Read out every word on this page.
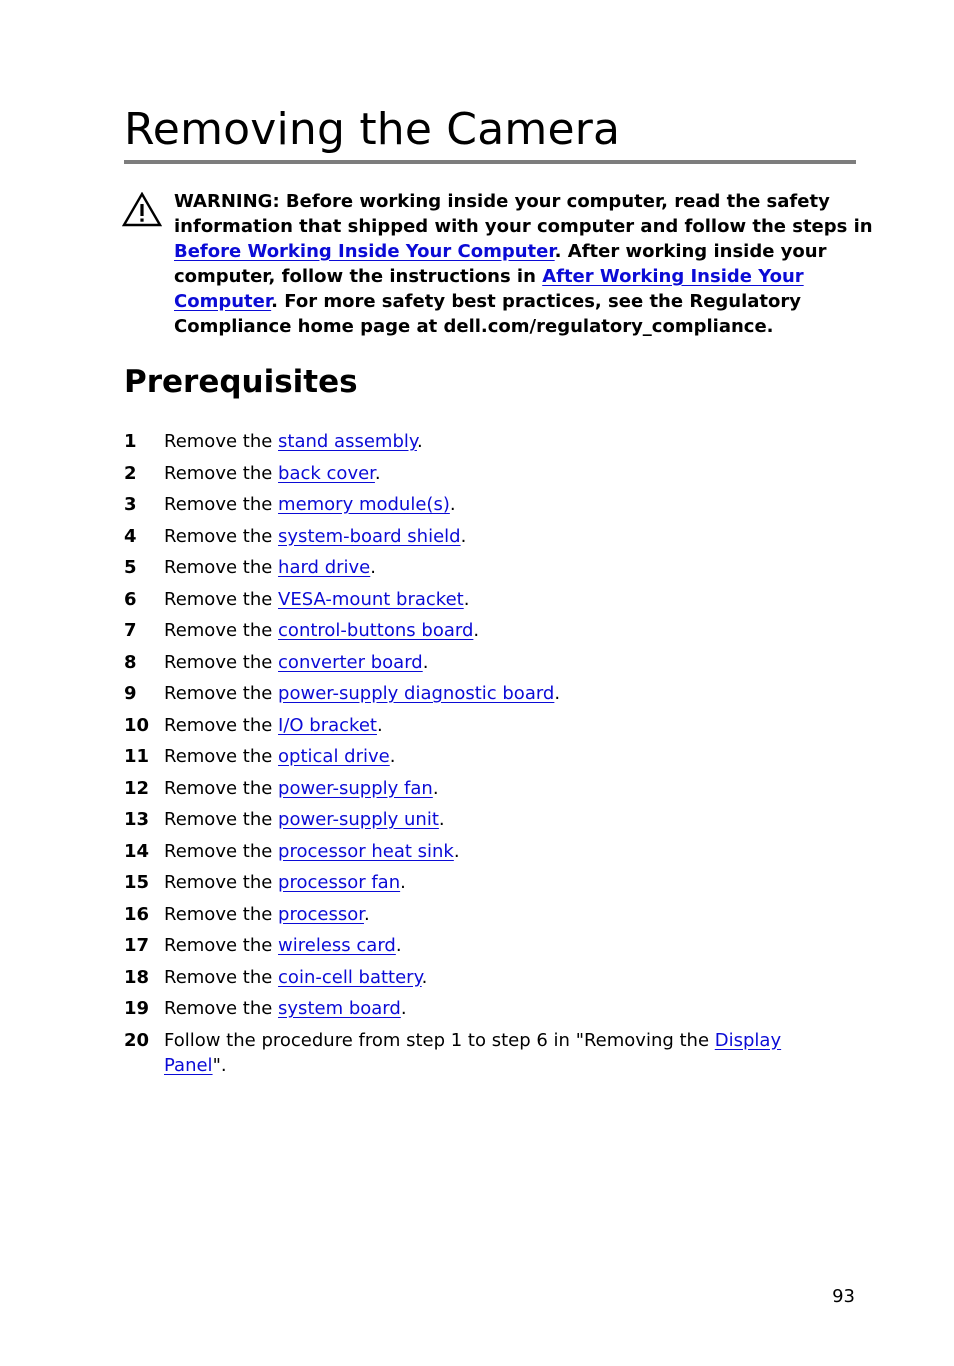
Removing the Camera

WARNING: Before working inside your computer, read the safety
information that shipped with your computer and follow the steps in
Before Working Inside Your Computer. After working inside your
computer, follow the instructions in After Working Inside Your
Computer. For more safety best practices, see the Regulatory
Compliance home page at dell.com/regulatory_compliance.

Prerequisites
1 Remove the stand assembly.
2 Remove the back cover.
3 Remove the memory module(s).
4 Remove the system-board shield.
5 Remove the hard drive.
6 Remove the VESA-mount bracket.
7 Remove the control-buttons board.
8 Remove the converter board.
9 Remove the power-supply diagnostic board.
10 Remove the I/O bracket.
11 Remove the optical drive.
12 Remove the power-supply fan.
13 Remove the power-supply unit.
14 Remove the processor heat sink.
15 Remove the processor fan.
16 Remove the processor.
17 Remove the wireless card.
18 Remove the coin-cell battery.
19 Remove the system board.
20 Follow the procedure from step 1 to step 6 in "Removing the Display Panel".
93
